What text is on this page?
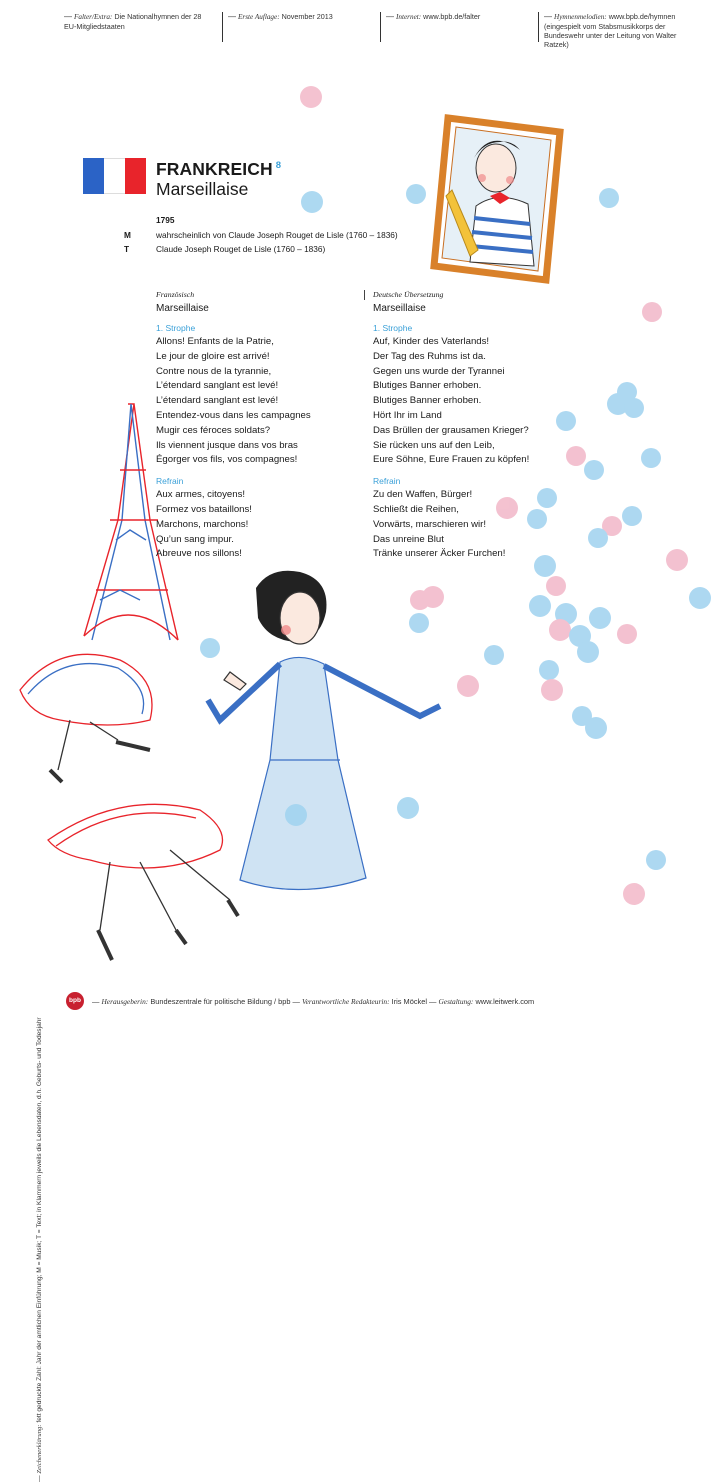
— Falter/Extra: Die Nationalhymnen der 28 EU-Mitgliedstaaten
— Erste Auflage: November 2013	— Internet: www.bpb.de/falter	— Hymnenmelodien: www.bpb.de/hymnen (eingespielt vom Stabsmusikkorps der Bundeswehr unter der Leitung von Walter Ratzek)
FRANKREICH $^8$
Marseillaise
1795
M	wahrscheinlich von Claude Joseph Rouget de Lisle (1760 – 1836)
T	Claude Joseph Rouget de Lisle (1760 – 1836)
Französisch
Marseillaise
1. Strophe
Allons! Enfants de la Patrie,
Le jour de gloire est arrivé!
Contre nous de la tyrannie,
L’étendard sanglant est levé!
L’étendard sanglant est levé!
Entendez-vous dans les campagnes
Mugir ces féroces soldats?
Ils viennent jusque dans vos bras
Égorger vos fils, vos compagnes!
Refrain
Aux armes, citoyens!
Formez vos bataillons!
Marchons, marchons!
Qu’un sang impur.
Abreuve nos sillons!
Deutsche Übersetzung
Marseillaise
1. Strophe
Auf, Kinder des Vaterlands!
Der Tag des Ruhms ist da.
Gegen uns wurde der Tyrannei
Blutiges Banner erhoben.
Blutiges Banner erhoben.
Hört Ihr im Land
Das Brüllen der grausamen Krieger?
Sie rücken uns auf den Leib,
Eure Söhne, Eure Frauen zu köpfen!
Refrain
Zu den Waffen, Bürger!
Schließt die Reihen,
Vorwärts, marschieren wir!
Das unreine Blut
Tränke unserer Äcker Furchen!
— Zeichenerklärung: fett gedruckte Zahl: Jahr der amtlichen Einführung; M = Musik; T = Text; in Klammern jeweils die Lebensdaten, d.h. Geburts- und Todesjahr
bpb	— Herausgeberin: Bundeszentrale für politische Bildung / bpb — Verantwortliche Redakteurin: Iris Möckel — Gestaltung: www.leitwerk.com
